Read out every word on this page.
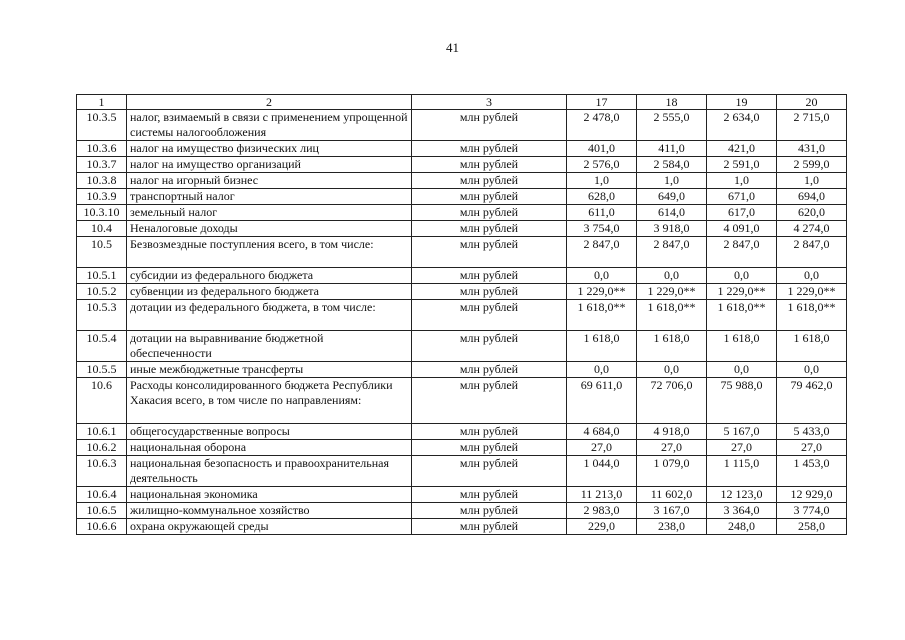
41
1	2	3	17	18	19	20
10.3.5	налог, взимаемый в связи с применением упрощенной системы налогообложения	млн рублей	2 478,0	2 555,0	2 634,0	2 715,0
10.3.6	налог на имущество физических лиц	млн рублей	401,0	411,0	421,0	431,0
10.3.7	налог на имущество организаций	млн рублей	2 576,0	2 584,0	2 591,0	2 599,0
10.3.8	налог на игорный бизнес	млн рублей	1,0	1,0	1,0	1,0
10.3.9	транспортный налог	млн рублей	628,0	649,0	671,0	694,0
10.3.10	земельный налог	млн рублей	611,0	614,0	617,0	620,0
10.4	Неналоговые доходы	млн рублей	3 754,0	3 918,0	4 091,0	4 274,0
10.5	Безвозмездные поступления всего, в том числе:	млн рублей	2 847,0	2 847,0	2 847,0	2 847,0
10.5.1	субсидии из федерального бюджета	млн рублей	0,0	0,0	0,0	0,0
10.5.2	субвенции из федерального бюджета	млн рублей	1 229,0**	1 229,0**	1 229,0**	1 229,0**
10.5.3	дотации из федерального бюджета, в том числе:	млн рублей	1 618,0**	1 618,0**	1 618,0**	1 618,0**
10.5.4	дотации на выравнивание бюджетной обеспеченности	млн рублей	1 618,0	1 618,0	1 618,0	1 618,0
10.5.5	иные межбюджетные трансферты	млн рублей	0,0	0,0	0,0	0,0
10.6	Расходы консолидированного бюджета Республики Хакасия всего, в том числе по направлениям:	млн рублей	69 611,0	72 706,0	75 988,0	79 462,0
10.6.1	общегосударственные вопросы	млн рублей	4 684,0	4 918,0	5 167,0	5 433,0
10.6.2	национальная оборона	млн рублей	27,0	27,0	27,0	27,0
10.6.3	национальная безопасность и правоохранительная деятельность	млн рублей	1 044,0	1 079,0	1 115,0	1 453,0
10.6.4	национальная экономика	млн рублей	11 213,0	11 602,0	12 123,0	12 929,0
10.6.5	жилищно-коммунальное хозяйство	млн рублей	2 983,0	3 167,0	3 364,0	3 774,0
10.6.6	охрана окружающей среды	млн рублей	229,0	238,0	248,0	258,0
